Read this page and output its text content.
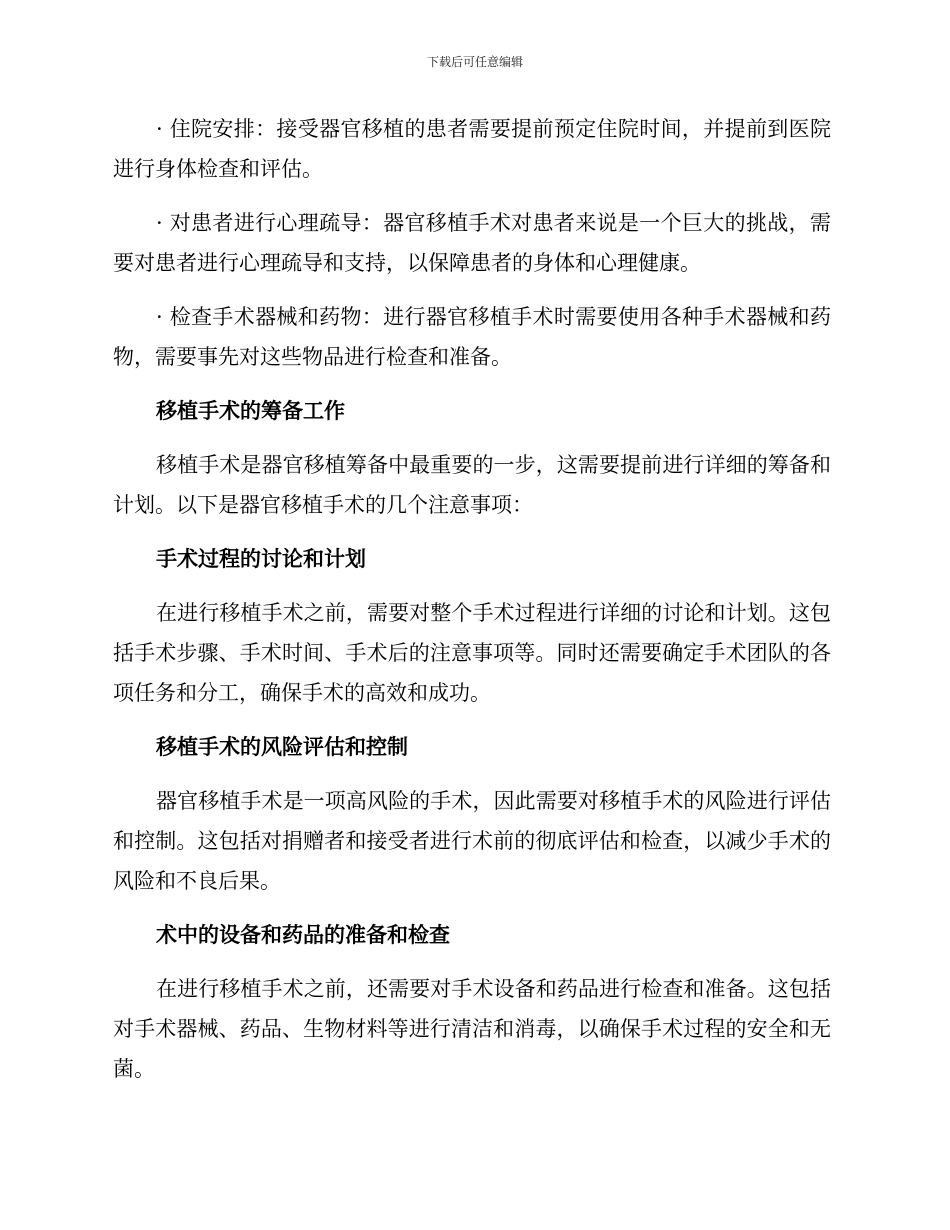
下载后可任意编辑

· 住院安排：接受器官移植的患者需要提前预定住院时间，并提前到医院进行身体检查和评估。

· 对患者进行心理疏导：器官移植手术对患者来说是一个巨大的挑战，需要对患者进行心理疏导和支持，以保障患者的身体和心理健康。

· 检查手术器械和药物：进行器官移植手术时需要使用各种手术器械和药物，需要事先对这些物品进行检查和准备。

移植手术的筹备工作

移植手术是器官移植筹备中最重要的一步，这需要提前进行详细的筹备和计划。以下是器官移植手术的几个注意事项：

手术过程的讨论和计划

在进行移植手术之前，需要对整个手术过程进行详细的讨论和计划。这包括手术步骤、手术时间、手术后的注意事项等。同时还需要确定手术团队的各项任务和分工，确保手术的高效和成功。

移植手术的风险评估和控制

器官移植手术是一项高风险的手术，因此需要对移植手术的风险进行评估和控制。这包括对捐赠者和接受者进行术前的彻底评估和检查，以减少手术的风险和不良后果。

术中的设备和药品的准备和检查

在进行移植手术之前，还需要对手术设备和药品进行检查和准备。这包括对手术器械、药品、生物材料等进行清洁和消毒，以确保手术过程的安全和无菌。
